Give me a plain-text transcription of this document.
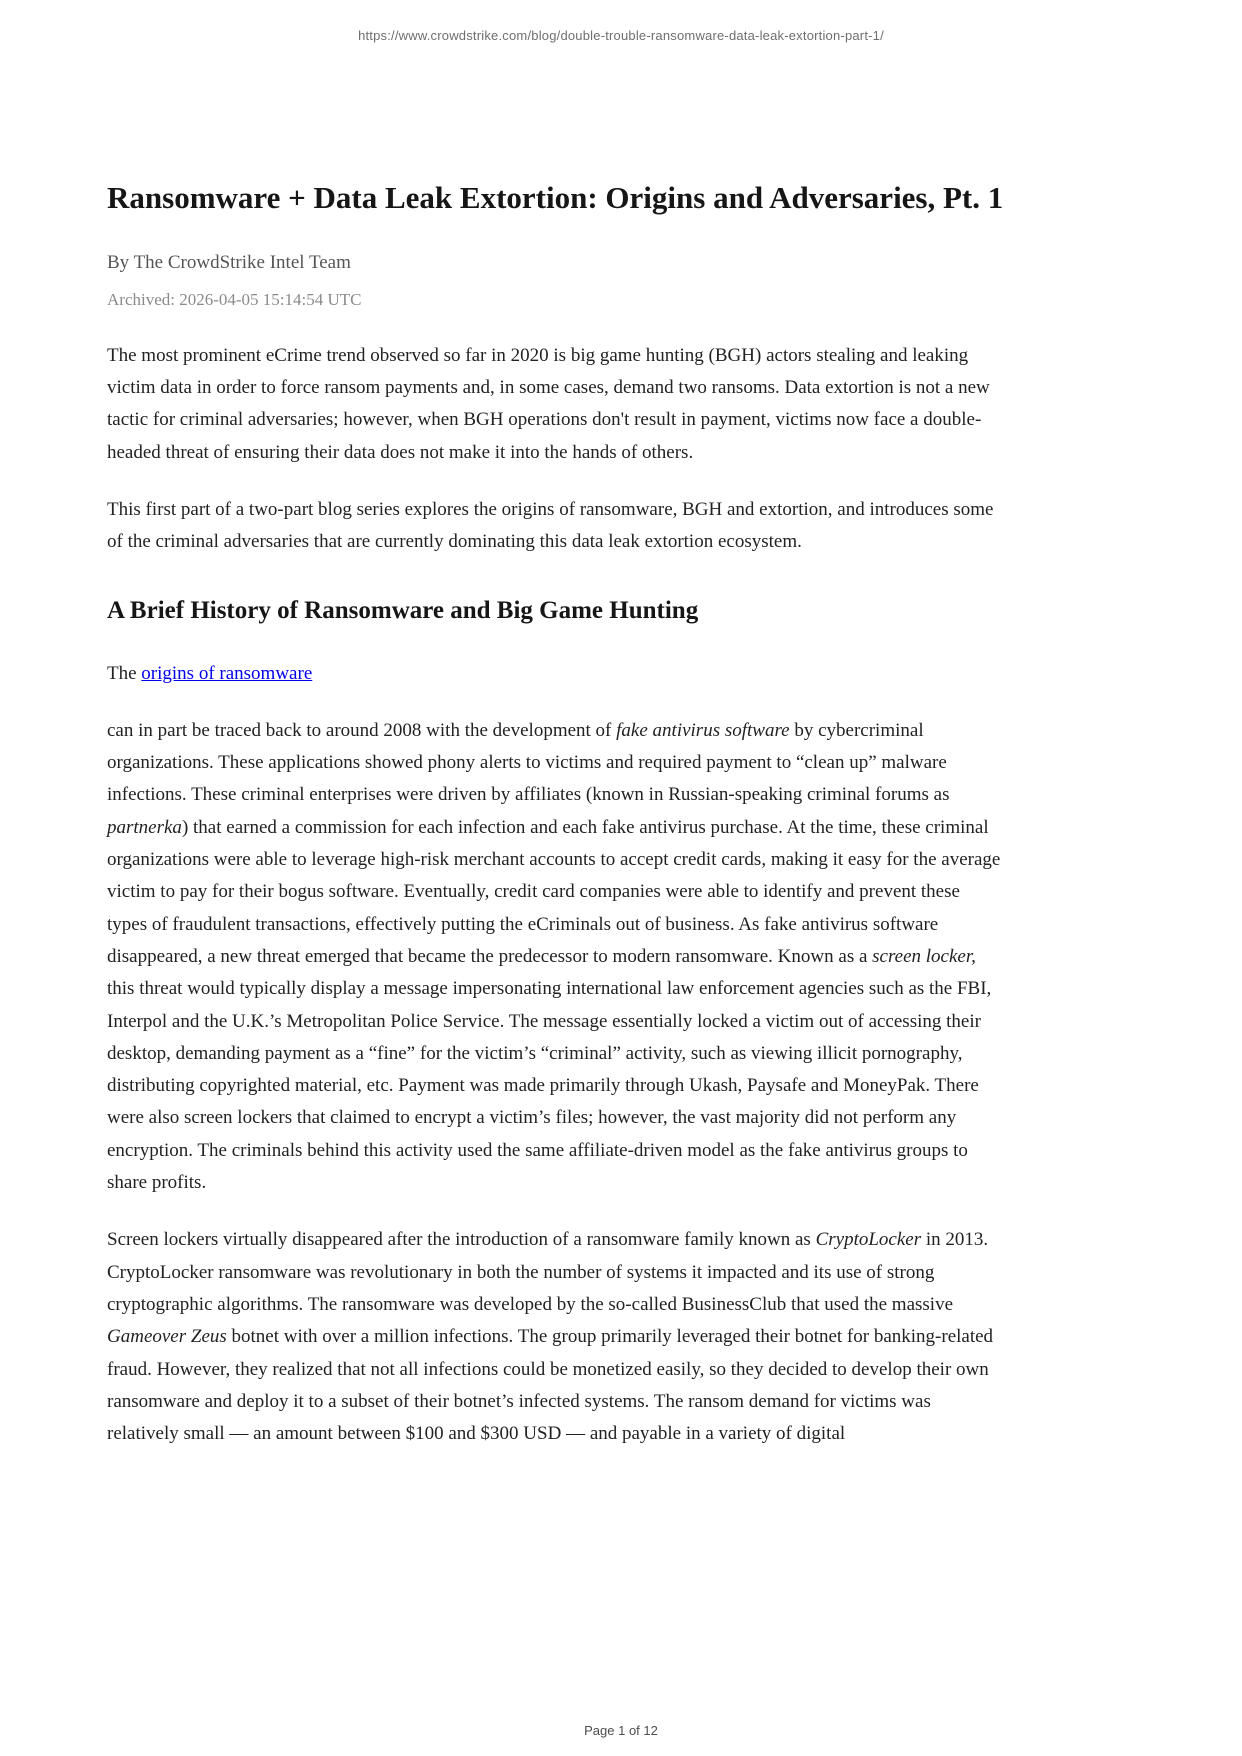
https://www.crowdstrike.com/blog/double-trouble-ransomware-data-leak-extortion-part-1/
Ransomware + Data Leak Extortion: Origins and Adversaries, Pt. 1
By The CrowdStrike Intel Team
Archived: 2026-04-05 15:14:54 UTC

The most prominent eCrime trend observed so far in 2020 is big game hunting (BGH) actors stealing and leaking victim data in order to force ransom payments and, in some cases, demand two ransoms. Data extortion is not a new tactic for criminal adversaries; however, when BGH operations don't result in payment, victims now face a double-headed threat of ensuring their data does not make it into the hands of others.

This first part of a two-part blog series explores the origins of ransomware, BGH and extortion, and introduces some of the criminal adversaries that are currently dominating this data leak extortion ecosystem.

A Brief History of Ransomware and Big Game Hunting

The origins of ransomware

can in part be traced back to around 2008 with the development of fake antivirus software by cybercriminal organizations. These applications showed phony alerts to victims and required payment to “clean up” malware infections. These criminal enterprises were driven by affiliates (known in Russian-speaking criminal forums as partnerka) that earned a commission for each infection and each fake antivirus purchase. At the time, these criminal organizations were able to leverage high-risk merchant accounts to accept credit cards, making it easy for the average victim to pay for their bogus software. Eventually, credit card companies were able to identify and prevent these types of fraudulent transactions, effectively putting the eCriminals out of business. As fake antivirus software disappeared, a new threat emerged that became the predecessor to modern ransomware. Known as a screen locker, this threat would typically display a message impersonating international law enforcement agencies such as the FBI, Interpol and the U.K.’s Metropolitan Police Service. The message essentially locked a victim out of accessing their desktop, demanding payment as a “fine” for the victim’s “criminal” activity, such as viewing illicit pornography, distributing copyrighted material, etc. Payment was made primarily through Ukash, Paysafe and MoneyPak. There were also screen lockers that claimed to encrypt a victim’s files; however, the vast majority did not perform any encryption. The criminals behind this activity used the same affiliate-driven model as the fake antivirus groups to share profits.

Screen lockers virtually disappeared after the introduction of a ransomware family known as CryptoLocker in 2013. CryptoLocker ransomware was revolutionary in both the number of systems it impacted and its use of strong cryptographic algorithms. The ransomware was developed by the so-called BusinessClub that used the massive Gameover Zeus botnet with over a million infections. The group primarily leveraged their botnet for banking-related fraud. However, they realized that not all infections could be monetized easily, so they decided to develop their own ransomware and deploy it to a subset of their botnet’s infected systems. The ransom demand for victims was relatively small — an amount between $100 and $300 USD — and payable in a variety of digital

Page 1 of 12
